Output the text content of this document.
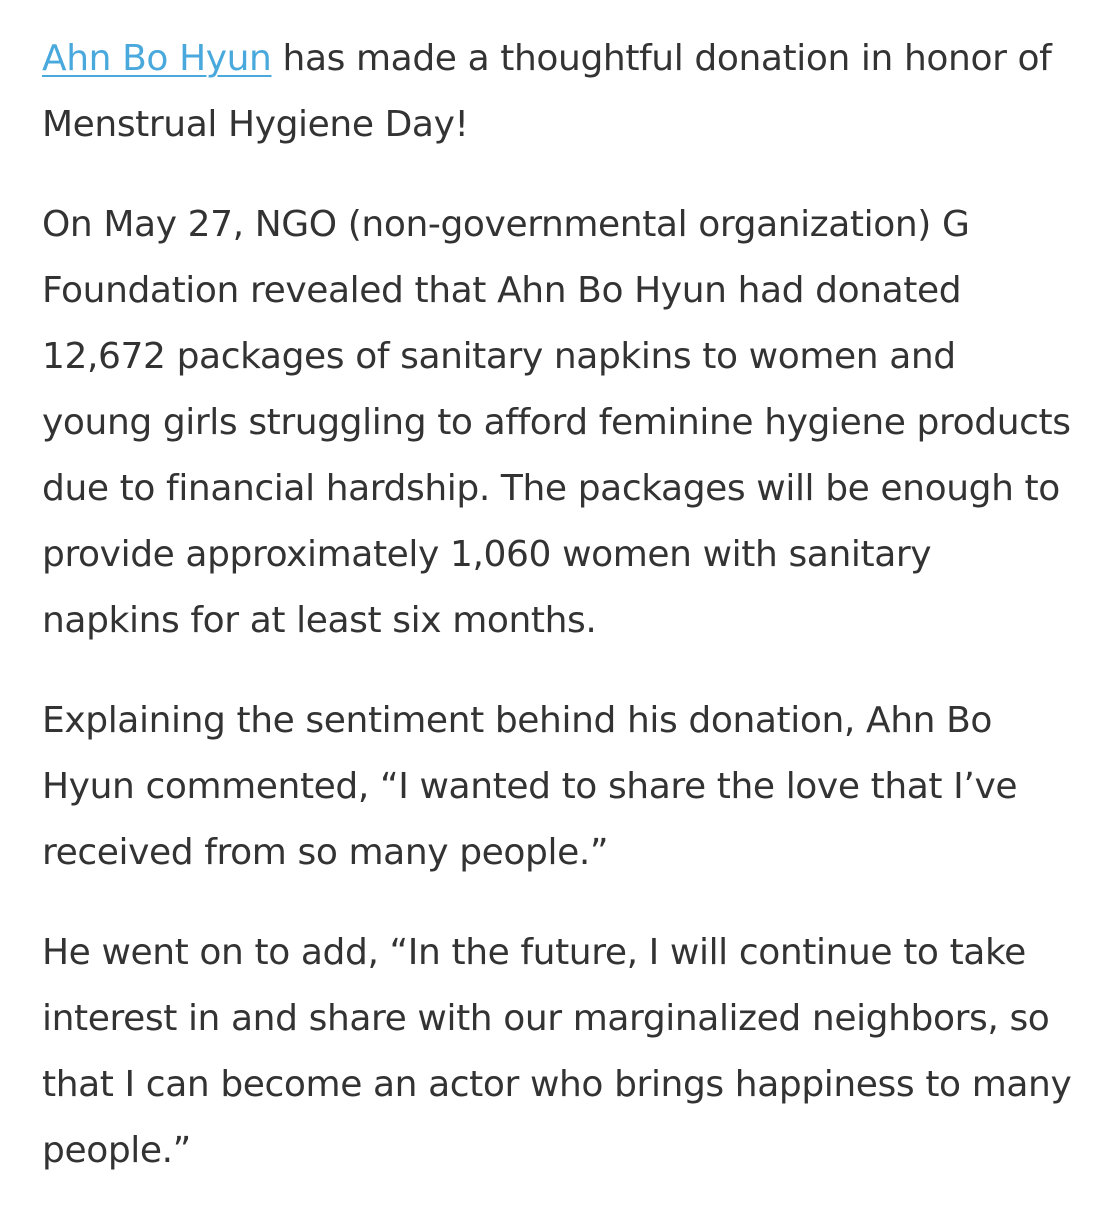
Ahn Bo Hyun has made a thoughtful donation in honor of Menstrual Hygiene Day!

On May 27, NGO (non-governmental organization) G Foundation revealed that Ahn Bo Hyun had donated 12,672 packages of sanitary napkins to women and young girls struggling to afford feminine hygiene products due to financial hardship. The packages will be enough to provide approximately 1,060 women with sanitary napkins for at least six months.

Explaining the sentiment behind his donation, Ahn Bo Hyun commented, “I wanted to share the love that I’ve received from so many people.”

He went on to add, “In the future, I will continue to take interest in and share with our marginalized neighbors, so that I can become an actor who brings happiness to many people.”
